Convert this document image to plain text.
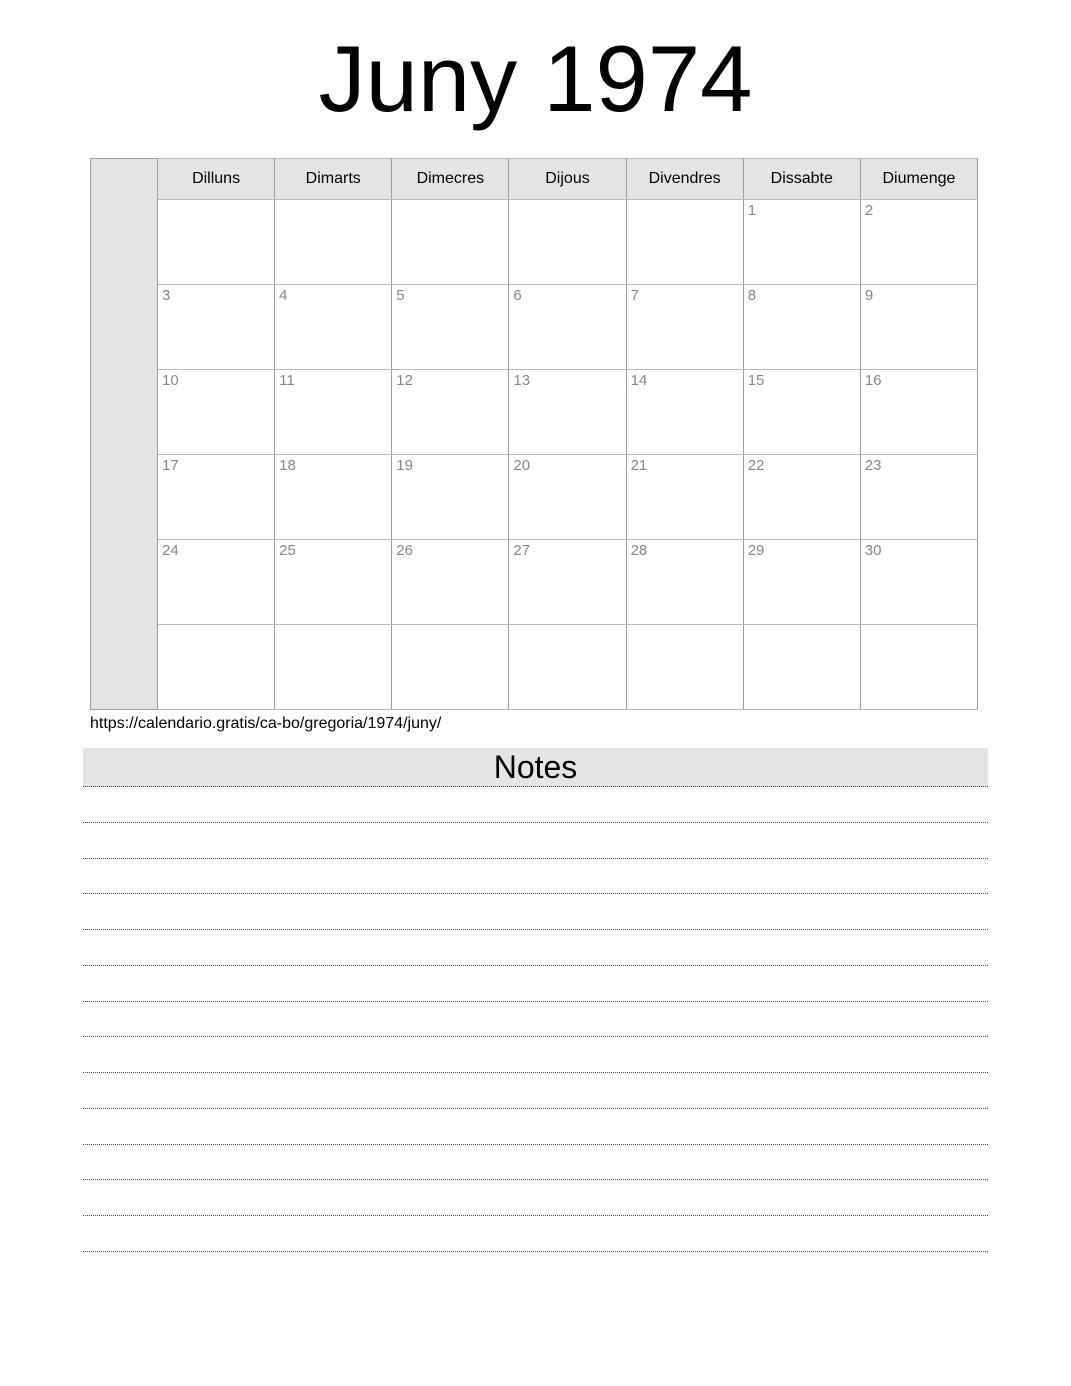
Juny 1974
	Dilluns	Dimarts	Dimecres	Dijous	Divendres	Dissabte	Diumenge
						1	2
	3	4	5	6	7	8	9
	10	11	12	13	14	15	16
	17	18	19	20	21	22	23
	24	25	26	27	28	29	30

https://calendario.gratis/ca-bo/gregoria/1974/juny/
Notes
